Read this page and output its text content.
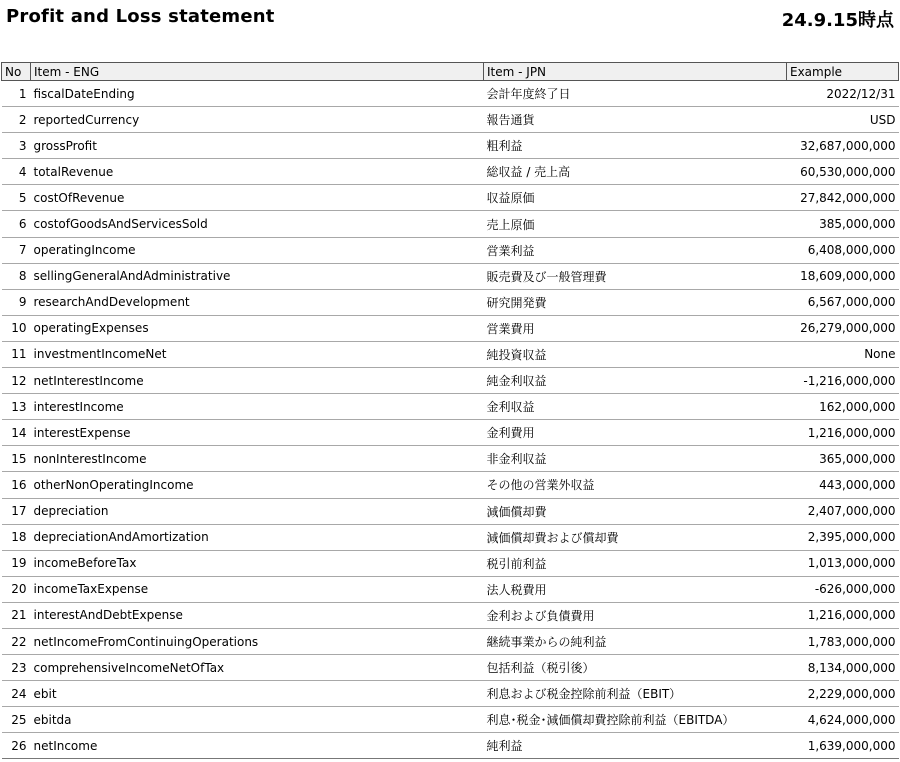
Profit and Loss statement	24.9.15時点
No	Item - ENG	Item - JPN	Example
1	fiscalDateEnding	会計年度終了日	2022/12/31
2	reportedCurrency	報告通貨	USD
3	grossProfit	粗利益	32,687,000,000
4	totalRevenue	総収益 / 売上高	60,530,000,000
5	costOfRevenue	収益原価	27,842,000,000
6	costofGoodsAndServicesSold	売上原価	385,000,000
7	operatingIncome	営業利益	6,408,000,000
8	sellingGeneralAndAdministrative	販売費及び一般管理費	18,609,000,000
9	researchAndDevelopment	研究開発費	6,567,000,000
10	operatingExpenses	営業費用	26,279,000,000
11	investmentIncomeNet	純投資収益	None
12	netInterestIncome	純金利収益	-1,216,000,000
13	interestIncome	金利収益	162,000,000
14	interestExpense	金利費用	1,216,000,000
15	nonInterestIncome	非金利収益	365,000,000
16	otherNonOperatingIncome	その他の営業外収益	443,000,000
17	depreciation	減価償却費	2,407,000,000
18	depreciationAndAmortization	減価償却費および償却費	2,395,000,000
19	incomeBeforeTax	税引前利益	1,013,000,000
20	incomeTaxExpense	法人税費用	-626,000,000
21	interestAndDebtExpense	金利および負債費用	1,216,000,000
22	netIncomeFromContinuingOperations	継続事業からの純利益	1,783,000,000
23	comprehensiveIncomeNetOfTax	包括利益（税引後）	8,134,000,000
24	ebit	利息および税金控除前利益（EBIT）	2,229,000,000
25	ebitda	利息･税金･減価償却費控除前利益（EBITDA）	4,624,000,000
26	netIncome	純利益	1,639,000,000
